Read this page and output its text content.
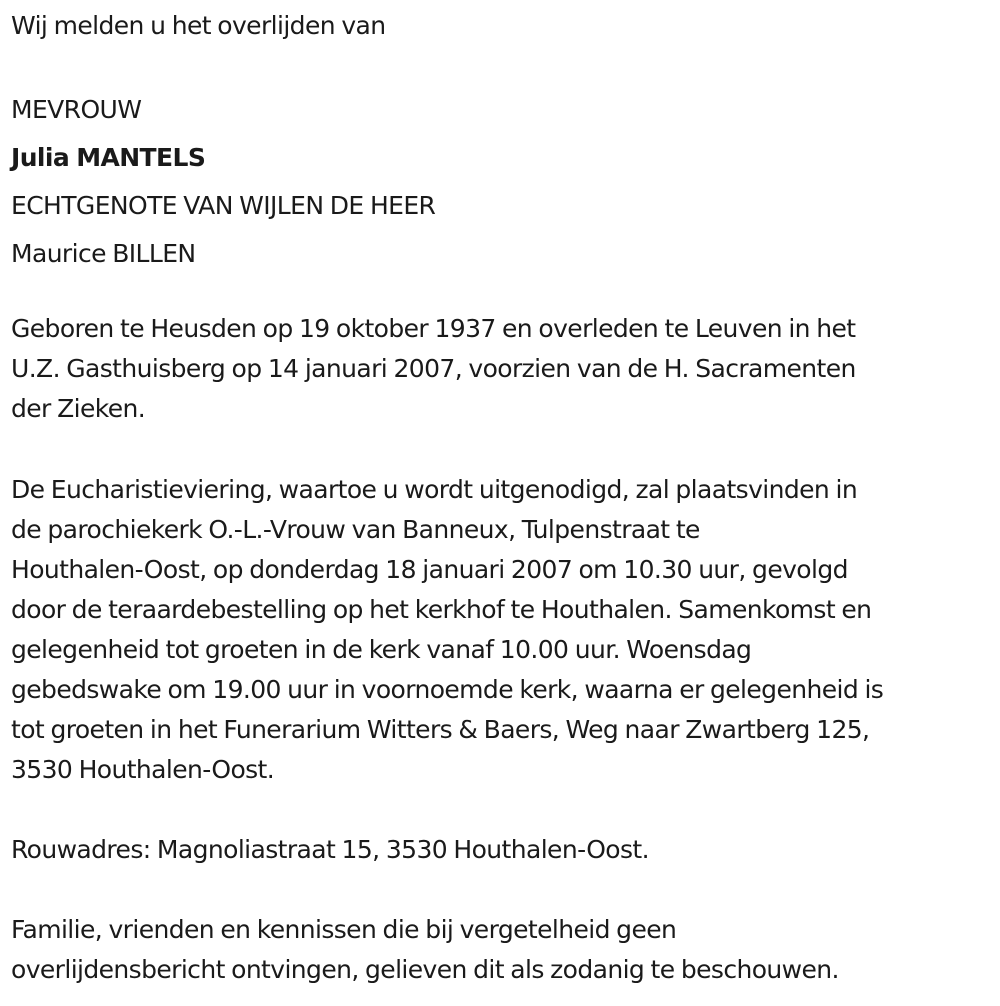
Wij melden u het overlijden van
MEVROUW
Julia MANTELS
ECHTGENOTE VAN WIJLEN DE HEER
Maurice BILLEN
Geboren te Heusden op 19 oktober 1937 en overleden te Leuven in het
U.Z. Gasthuisberg op 14 januari 2007, voorzien van de H. Sacramenten
der Zieken.
De Eucharistieviering, waartoe u wordt uitgenodigd, zal plaatsvinden in
de parochiekerk O.-L.-Vrouw van Banneux, Tulpenstraat te
Houthalen-Oost, op donderdag 18 januari 2007 om 10.30 uur, gevolgd
door de teraardebestelling op het kerkhof te Houthalen. Samenkomst en
gelegenheid tot groeten in de kerk vanaf 10.00 uur. Woensdag
gebedswake om 19.00 uur in voornoemde kerk, waarna er gelegenheid is
tot groeten in het Funerarium Witters & Baers, Weg naar Zwartberg 125,
3530 Houthalen-Oost.
Rouwadres: Magnoliastraat 15, 3530 Houthalen-Oost.
Familie, vrienden en kennissen die bij vergetelheid geen
overlijdensbericht ontvingen, gelieven dit als zodanig te beschouwen.
